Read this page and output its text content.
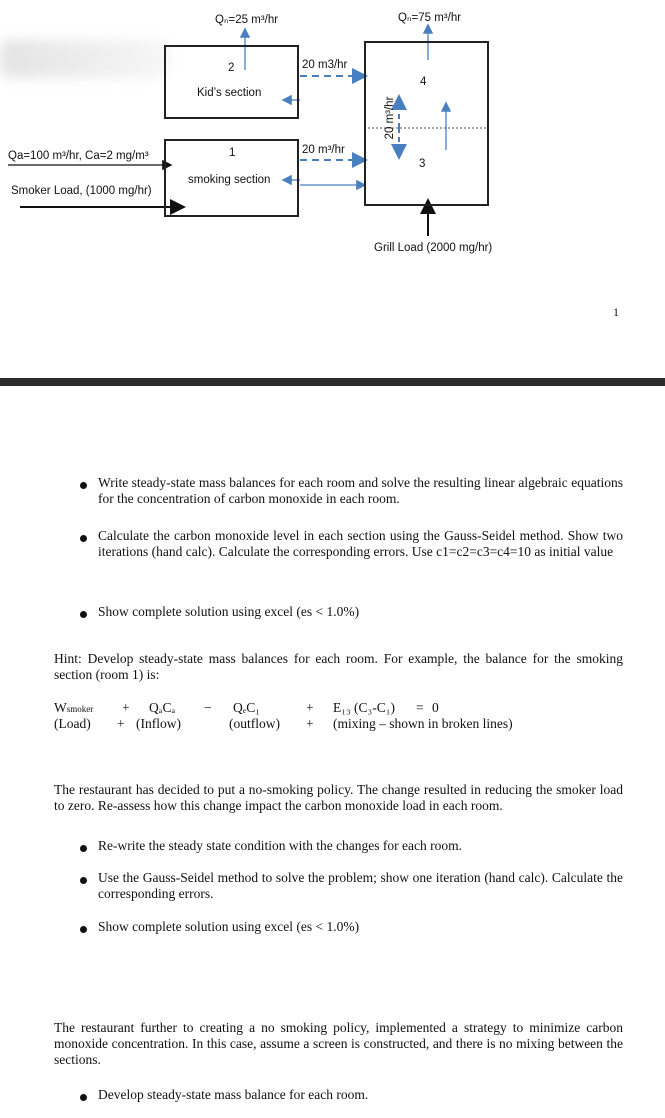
Qₙ=25 m³/hr	Qₙ=75 m³/hr
2
Kid’s section
1
smoking section
4
3
20 m3/hr
20 m³/hr
20 m³/hr
Qa=100 m³/hr, Ca=2 mg/m³
Smoker Load, (1000 mg/hr)
Grill Load (2000 mg/hr)
1
Write steady-state mass balances for each room and solve the resulting linear algebraic equations for the concentration of carbon monoxide in each room.
Calculate the carbon monoxide level in each section using the Gauss-Seidel method. Show two iterations (hand calc). Calculate the corresponding errors. Use c1=c2=c3=c4=10 as initial value
Show complete solution using excel (es < 1.0%)
Hint: Develop steady-state mass balances for each room. For example, the balance for the smoking section (room 1) is:
Wsmoker + QₐCₐ − QₑC₁	+ E₁₃ (C₃-C₁) = 0
(Load) + (Inflow)	(outflow) + (mixing – shown in broken lines)
The restaurant has decided to put a no-smoking policy. The change resulted in reducing the smoker load to zero. Re-assess how this change impact the carbon monoxide load in each room.
Re-write the steady state condition with the changes for each room.
Use the Gauss-Seidel method to solve the problem; show one iteration (hand calc). Calculate the corresponding errors.
Show complete solution using excel (es < 1.0%)
The restaurant further to creating a no smoking policy, implemented a strategy to minimize carbon monoxide concentration. In this case, assume a screen is constructed, and there is no mixing between the sections.
Develop steady-state mass balance for each room.
